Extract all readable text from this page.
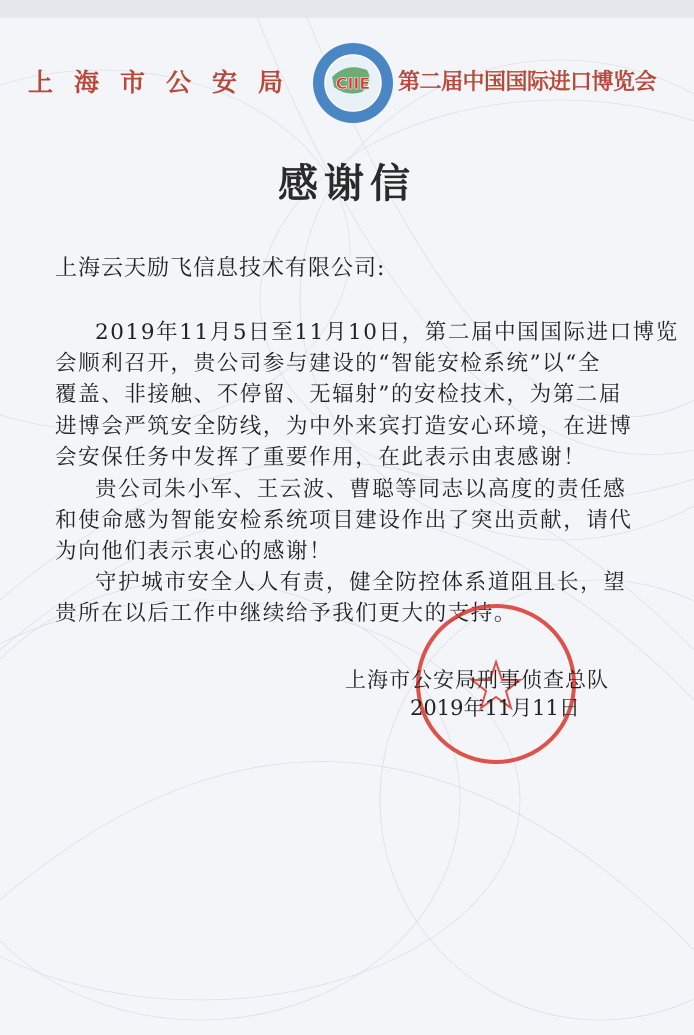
上海市公安局 CIIE 第二届中国国际进口博览会
感谢信
上海云天励飞信息技术有限公司:
2019年11月5日至11月10日，第二届中国国际进口博览
会顺利召开，贵公司参与建设的“智能安检系统”以“全
覆盖、非接触、不停留、无辐射”的安检技术，为第二届
进博会严筑安全防线，为中外来宾打造安心环境，在进博
会安保任务中发挥了重要作用，在此表示由衷感谢！
贵公司朱小军、王云波、曹聪等同志以高度的责任感
和使命感为智能安检系统项目建设作出了突出贡献，请代
为向他们表示衷心的感谢！
守护城市安全人人有责，健全防控体系道阻且长，望
贵所在以后工作中继续给予我们更大的支持。
上海市公安局刑事侦查总队
2019年11月11日
